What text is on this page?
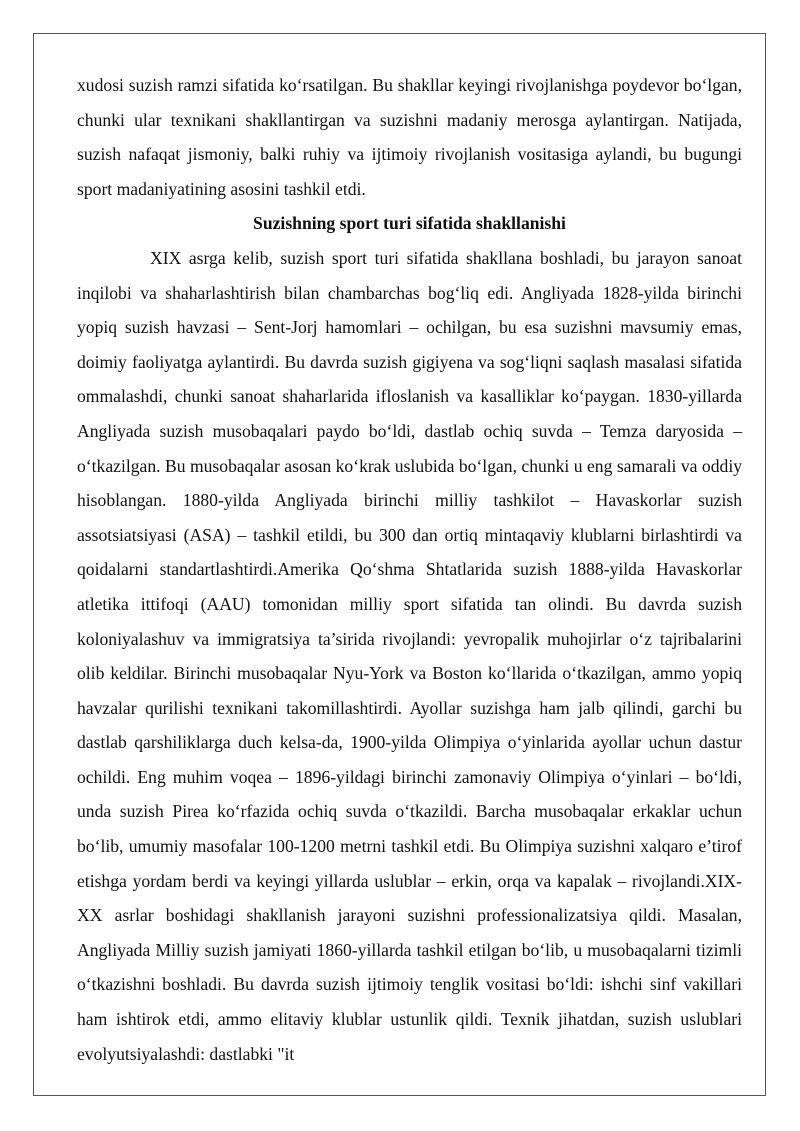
xudosi suzish ramzi sifatida ko‘rsatilgan. Bu shakllar keyingi rivojlanishga poydevor bo‘lgan, chunki ular texnikani shakllantirgan va suzishni madaniy merosga aylantirgan. Natijada, suzish nafaqat jismoniy, balki ruhiy va ijtimoiy rivojlanish vositasiga aylandi, bu bugungi sport madaniyatining asosini tashkil etdi.

Suzishning sport turi sifatida shakllanishi

XIX asrga kelib, suzish sport turi sifatida shakllana boshladi, bu jarayon sanoat inqilobi va shaharlashtirish bilan chambarchas bog‘liq edi. Angliyada 1828-yilda birinchi yopiq suzish havzasi – Sent-Jorj hamomlari – ochilgan, bu esa suzishni mavsumiy emas, doimiy faoliyatga aylantirdi. Bu davrda suzish gigiyena va sog‘liqni saqlash masalasi sifatida ommalashdi, chunki sanoat shaharlarida ifloslanish va kasalliklar ko‘paygan. 1830-yillarda Angliyada suzish musobaqalari paydo bo‘ldi, dastlab ochiq suvda – Temza daryosida – o‘tkazilgan. Bu musobaqalar asosan ko‘krak uslubida bo‘lgan, chunki u eng samarali va oddiy hisoblangan. 1880-yilda Angliyada birinchi milliy tashkilot – Havaskorlar suzish assotsiatsiyasi (ASA) – tashkil etildi, bu 300 dan ortiq mintaqaviy klublarni birlashtirdi va qoidalarni standartlashtirdi.Amerika Qo‘shma Shtatlarida suzish 1888-yilda Havaskorlar atletika ittifoqi (AAU) tomonidan milliy sport sifatida tan olindi. Bu davrda suzish koloniyalashuv va immigratsiya ta’sirida rivojlandi: yevropalik muhojirlar o‘z tajribalarini olib keldilar. Birinchi musobaqalar Nyu-York va Boston ko‘llarida o‘tkazilgan, ammo yopiq havzalar qurilishi texnikani takomillashtirdi. Ayollar suzishga ham jalb qilindi, garchi bu dastlab qarshiliklarga duch kelsa-da, 1900-yilda Olimpiya o‘yinlarida ayollar uchun dastur ochildi. Eng muhim voqea – 1896-yildagi birinchi zamonaviy Olimpiya o‘yinlari – bo‘ldi, unda suzish Pirea ko‘rfazida ochiq suvda o‘tkazildi. Barcha musobaqalar erkaklar uchun bo‘lib, umumiy masofalar 100-1200 metrni tashkil etdi. Bu Olimpiya suzishni xalqaro e’tirof etishga yordam berdi va keyingi yillarda uslublar – erkin, orqa va kapalak – rivojlandi.XIX-XX asrlar boshidagi shakllanish jarayoni suzishni professionalizatsiya qildi. Masalan, Angliyada Milliy suzish jamiyati 1860-yillarda tashkil etilgan bo‘lib, u musobaqalarni tizimli o‘tkazishni boshladi. Bu davrda suzish ijtimoiy tenglik vositasi bo‘ldi: ishchi sinf vakillari ham ishtirok etdi, ammo elitaviy klublar ustunlik qildi. Texnik jihatdan, suzish uslublari evolyutsiyalashdi: dastlabki "it
